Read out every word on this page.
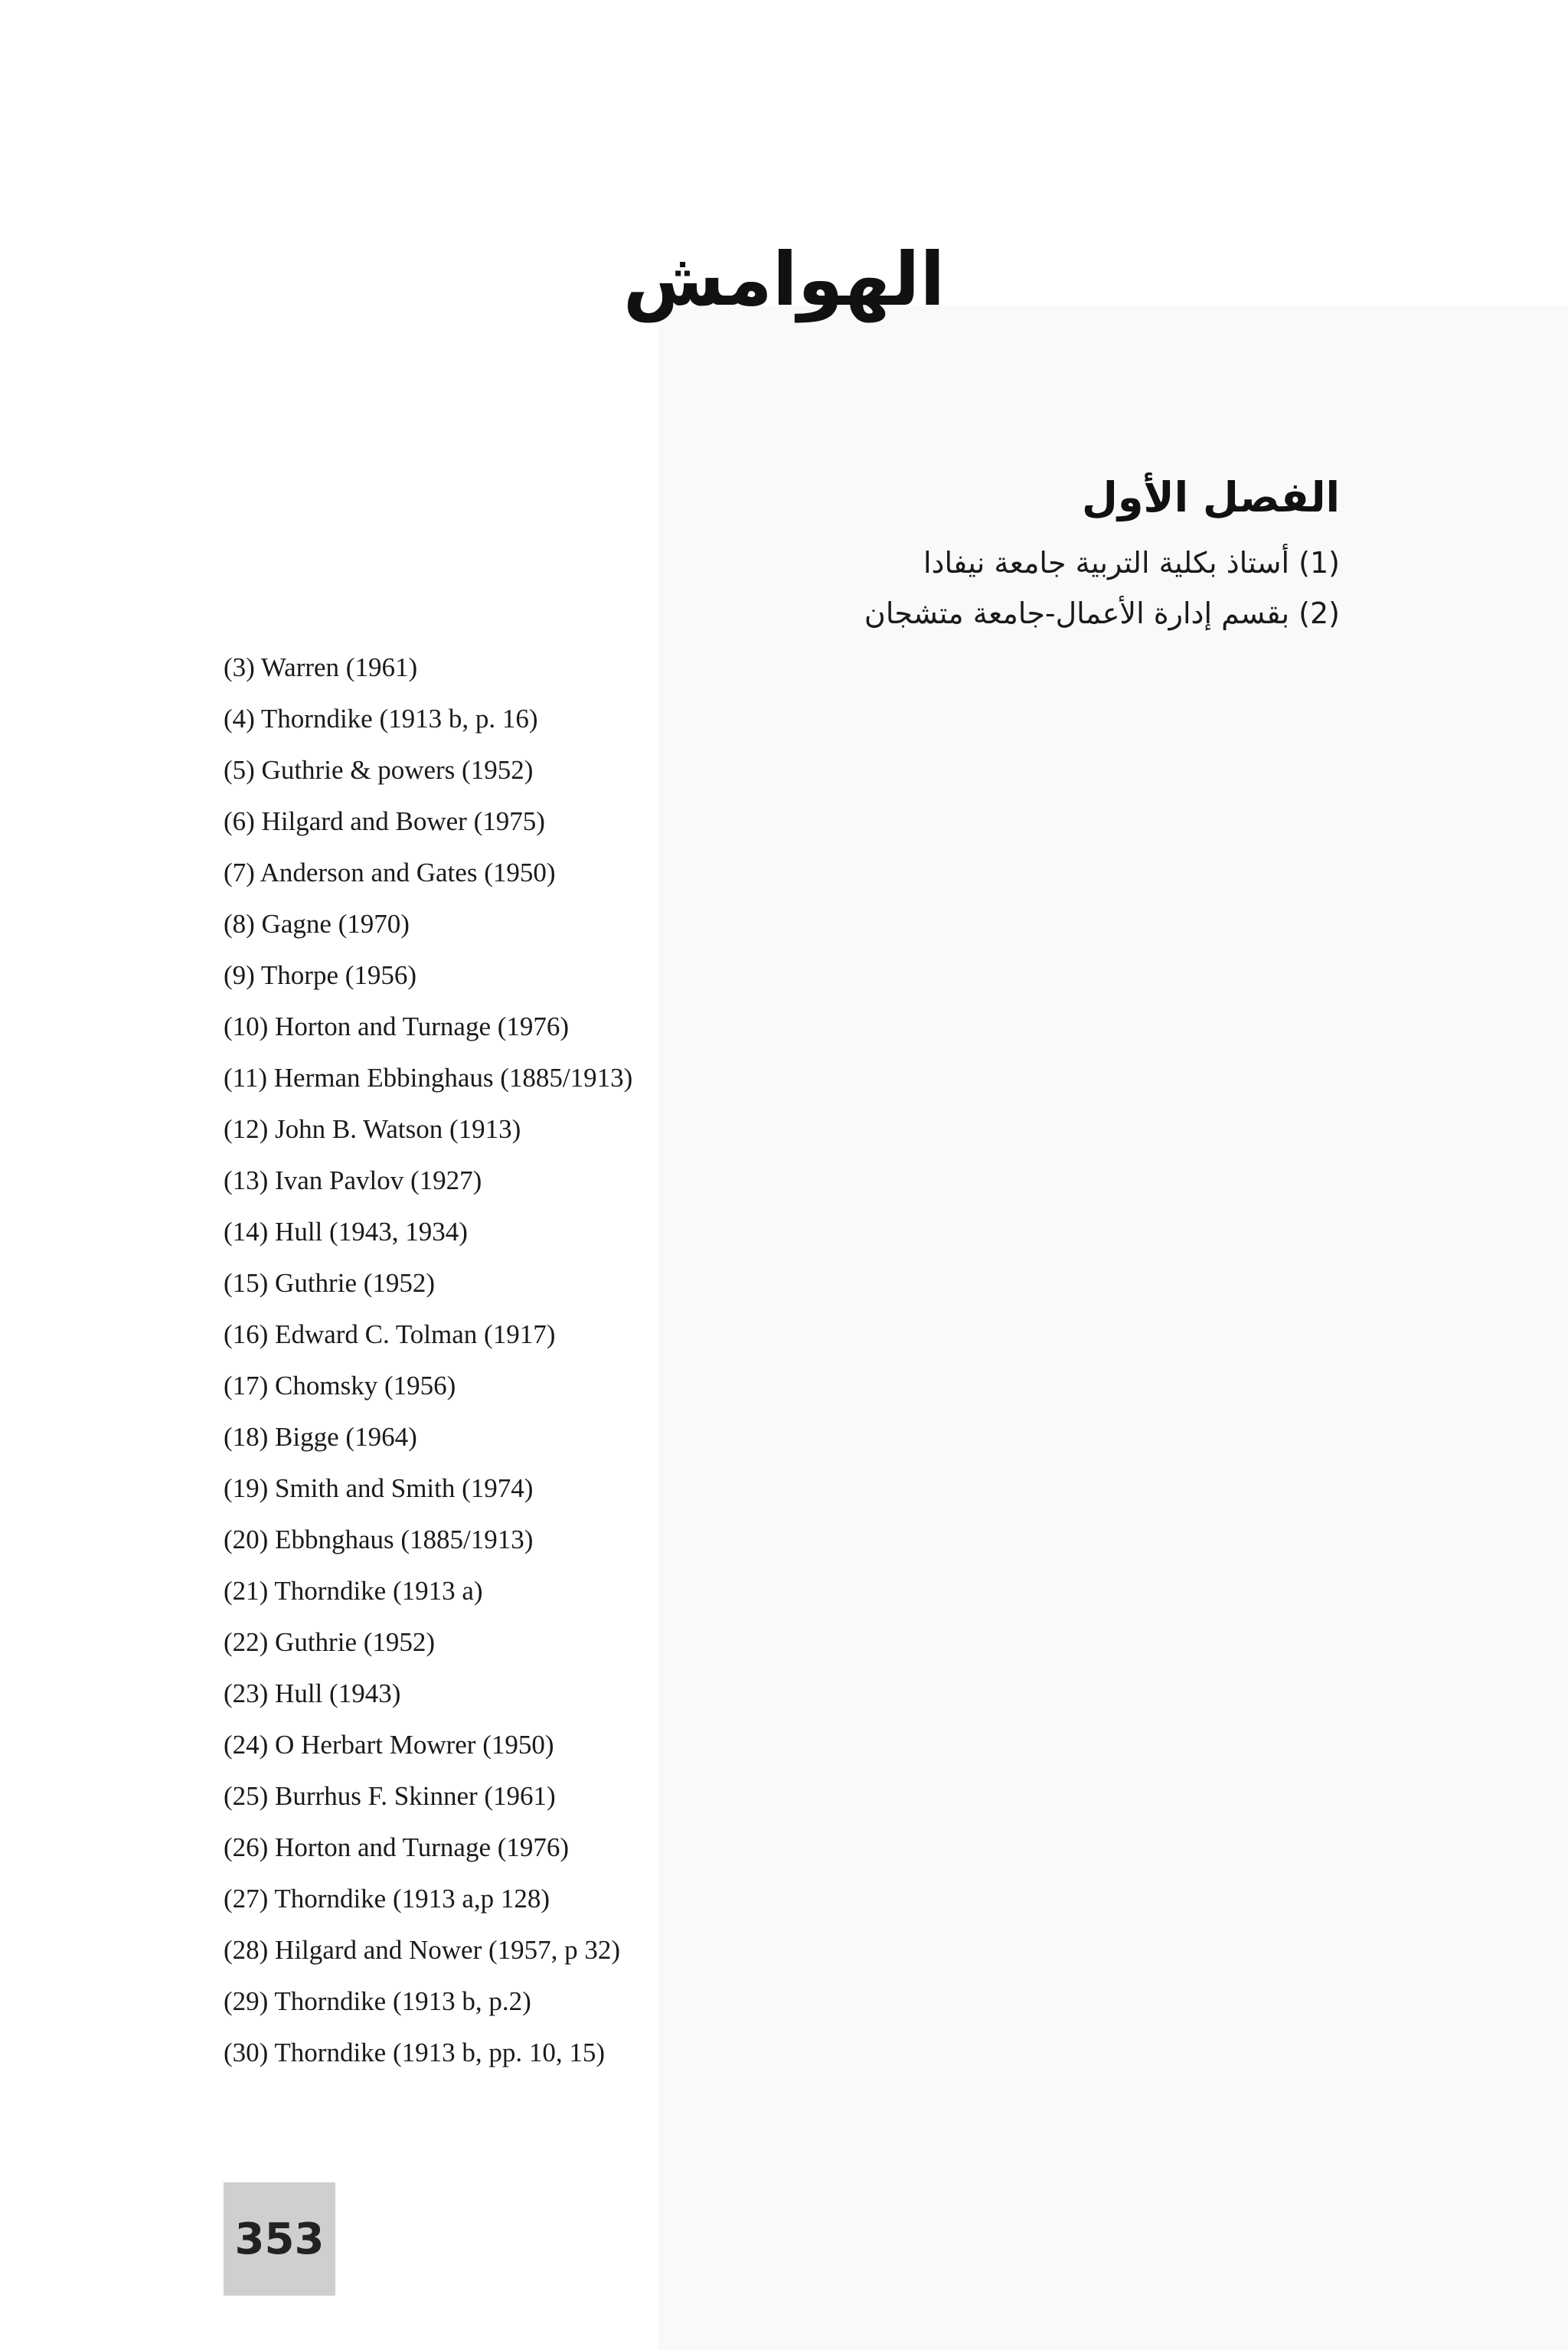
الهوامش
الفصل الأول
(1) أستاذ بكلية التربية جامعة نيفادا
(2) بقسم إدارة الأعمال-جامعة متشجان
(3) Warren (1961)
(4) Thorndike (1913 b, p. 16)
(5) Guthrie & powers (1952)
(6) Hilgard and Bower (1975)
(7) Anderson and Gates (1950)
(8) Gagne (1970)
(9) Thorpe (1956)
(10) Horton and Turnage (1976)
(11) Herman Ebbinghaus (1885/1913)
(12) John B. Watson (1913)
(13) Ivan Pavlov (1927)
(14) Hull (1943, 1934)
(15) Guthrie (1952)
(16) Edward C. Tolman (1917)
(17) Chomsky (1956)
(18) Bigge (1964)
(19) Smith and Smith (1974)
(20) Ebbnghaus (1885/1913)
(21) Thorndike (1913 a)
(22) Guthrie (1952)
(23) Hull (1943)
(24) O Herbart Mowrer (1950)
(25) Burrhus F. Skinner (1961)
(26) Horton and Turnage (1976)
(27) Thorndike (1913 a,p 128)
(28) Hilgard and Nower (1957, p 32)
(29) Thorndike (1913 b, p.2)
(30) Thorndike (1913 b, pp. 10, 15)
353
